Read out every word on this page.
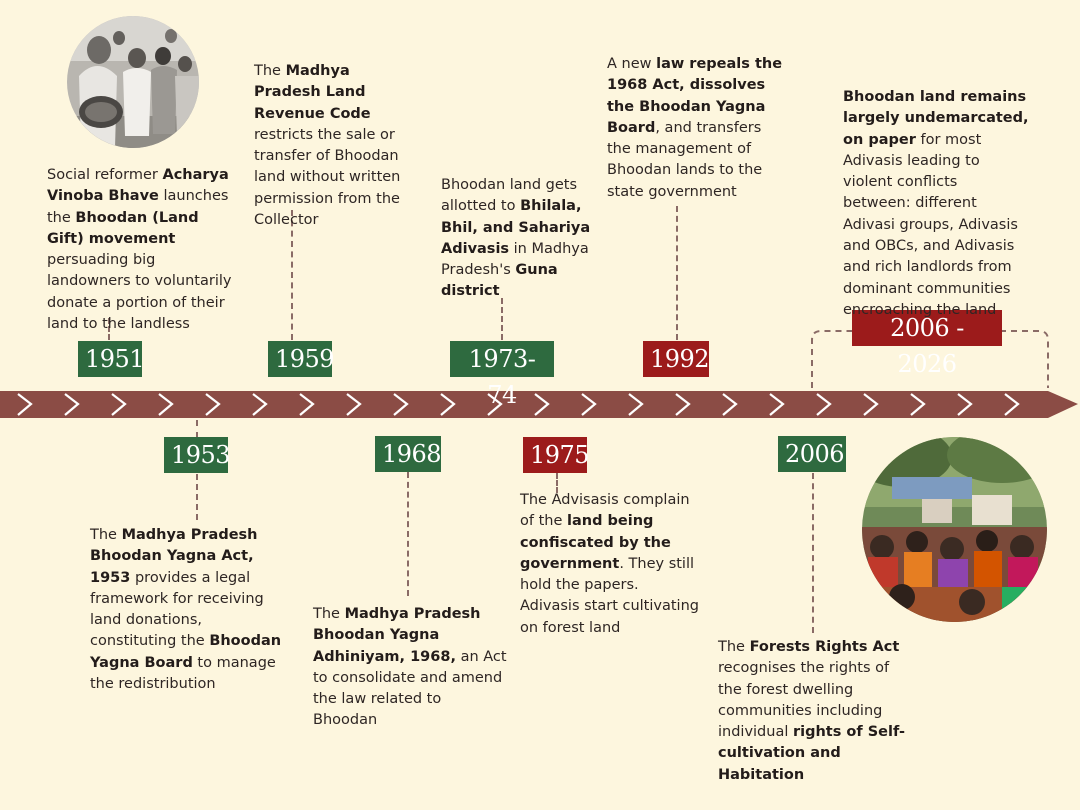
1951
1953
1959
1968
1973-74
1975
1992
2006
2006 - 2026
Social reformer Acharya Vinoba Bhave launches the Bhoodan (Land Gift) movement persuading big landowners to voluntarily donate a portion of their land to the landless
The Madhya Pradesh Bhoodan Yagna Act, 1953 provides a legal framework for receiving land donations, constituting the Bhoodan Yagna Board to manage the redistribution
The Madhya Pradesh Land Revenue Code restricts the sale or transfer of Bhoodan land without written permission from the Collector
The Madhya Pradesh Bhoodan Yagna Adhiniyam, 1968, an Act to consolidate and amend the law related to Bhoodan
Bhoodan land gets allotted to Bhilala, Bhil, and Sahariya Adivasis in Madhya Pradesh's Guna district
The Advisasis complain of the land being confiscated by the government. They still hold the papers. Adivasis start cultivating on forest land
A new law repeals the 1968 Act, dissolves the Bhoodan Yagna Board, and transfers the management of Bhoodan lands to the state government
The Forests Rights Act recognises the rights of the forest dwelling communities including individual rights of Self-cultivation and Habitation
Bhoodan land remains largely undemarcated, on paper for most Adivasis leading to violent conflicts between: different Adivasi groups, Adivasis and OBCs, and Adivasis and rich landlords from dominant communities encroaching the land
